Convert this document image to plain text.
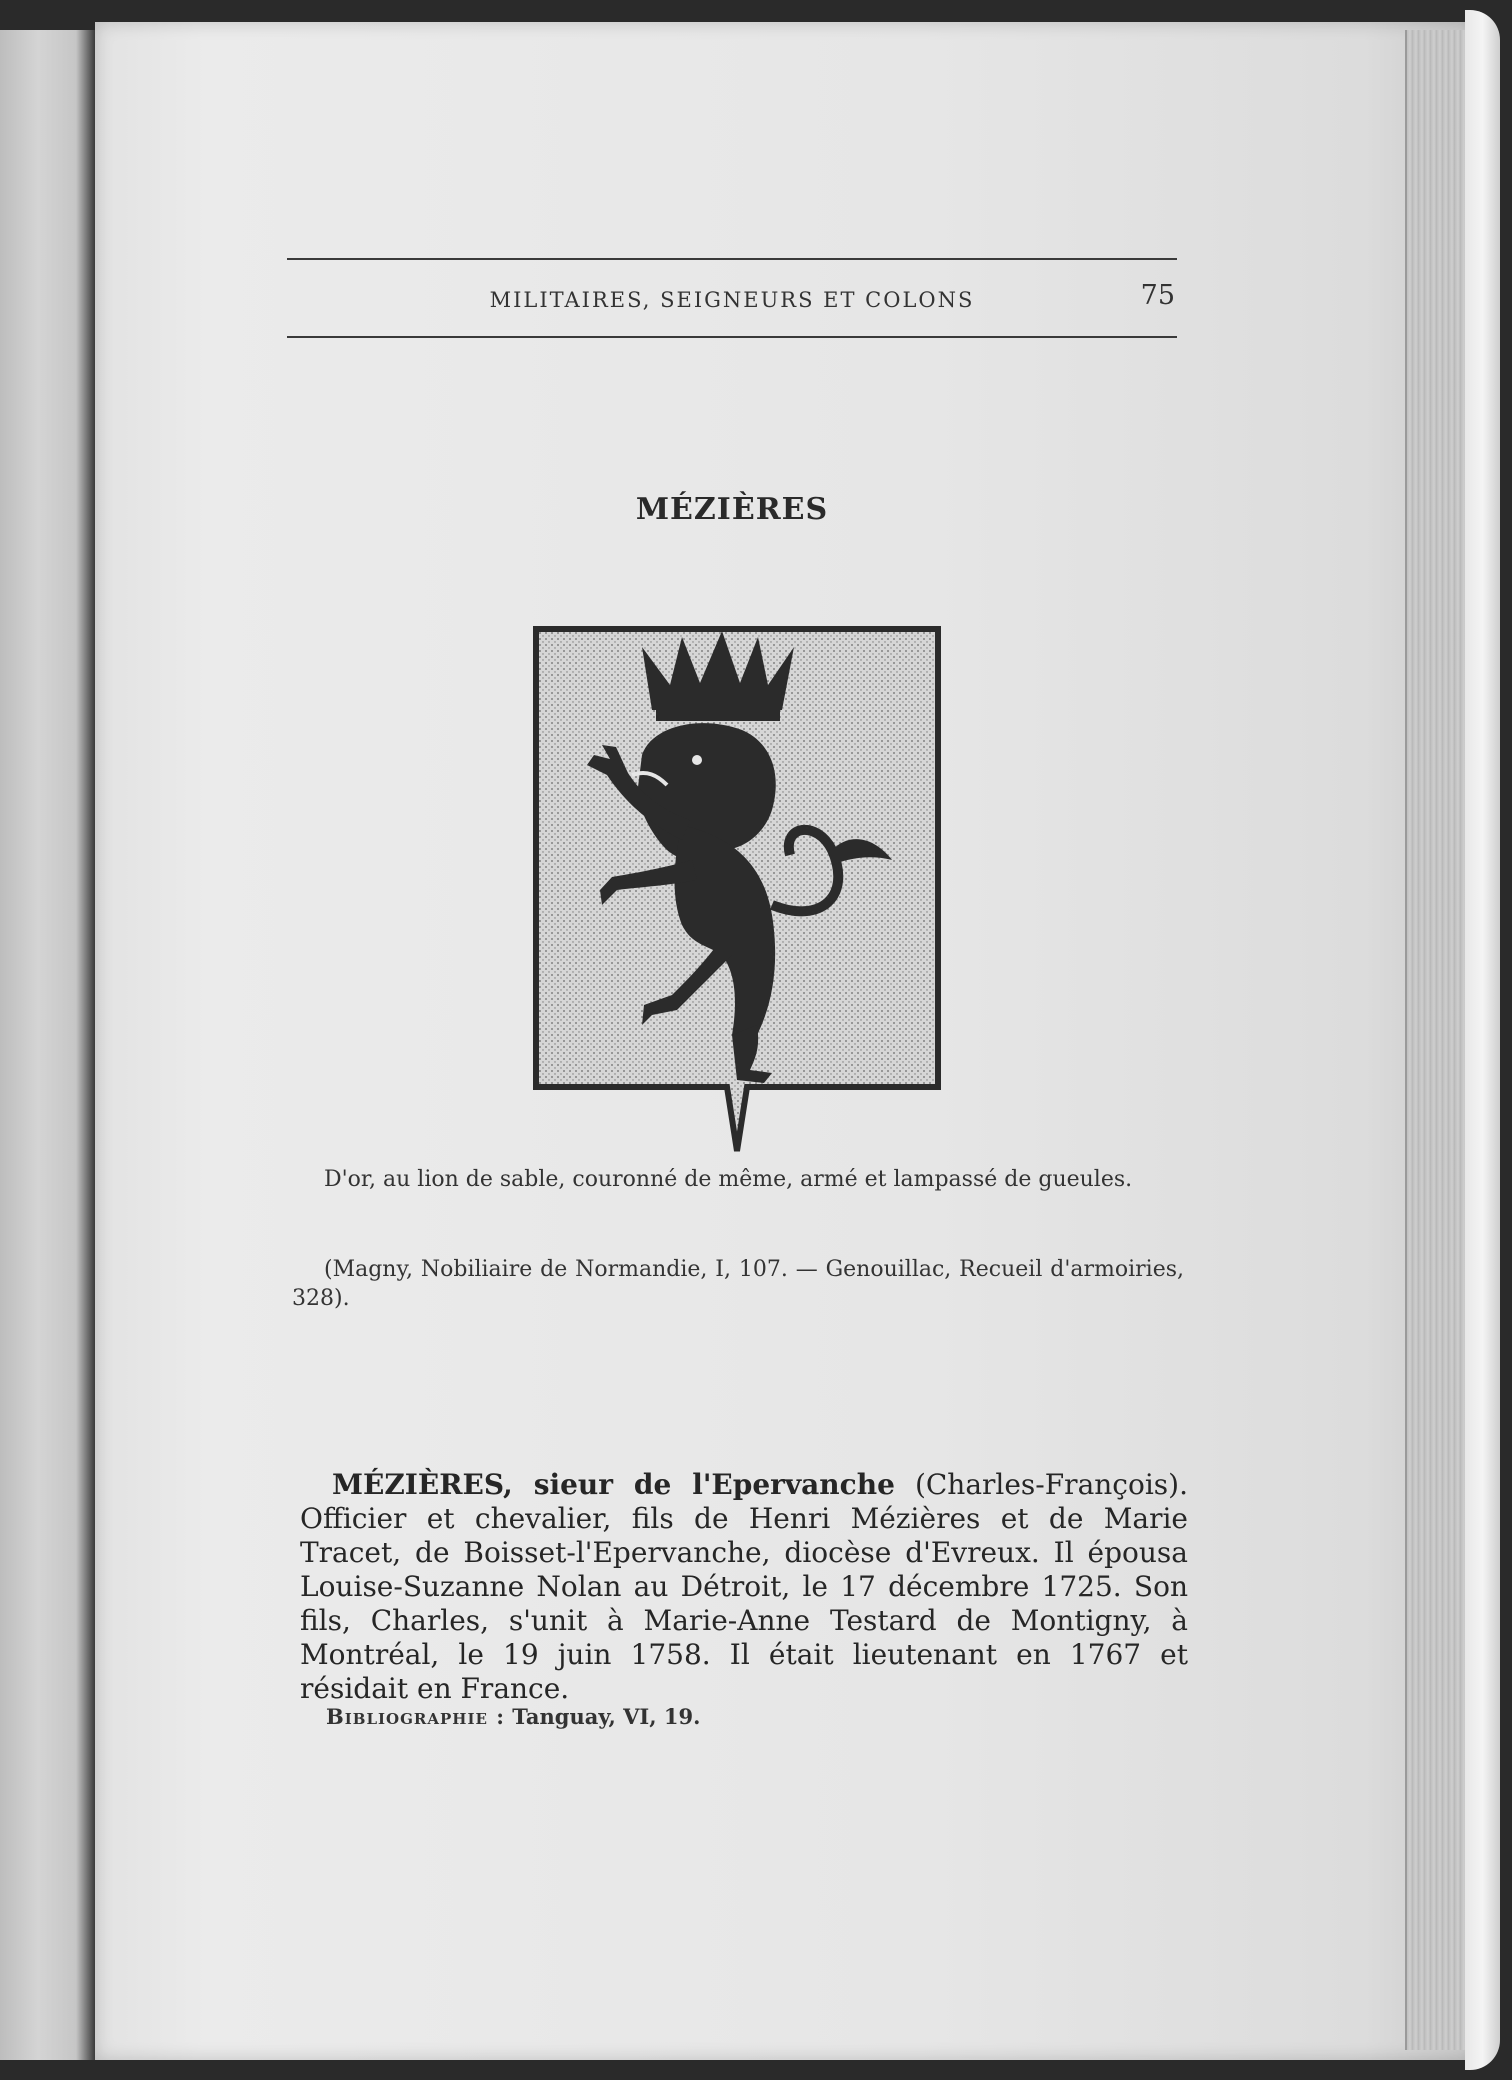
MILITAIRES, SEIGNEURS ET COLONS	75
MÉZIÈRES
D'or, au lion de sable, couronné de même, armé et lampassé de gueules.
(Magny, Nobiliaire de Normandie, I, 107. — Genouillac, Recueil d'armoiries, 328).
MÉZIÈRES, sieur de l'Epervanche (Charles-François). Officier et chevalier, fils de Henri Mézières et de Marie Tracet, de Boisset-l'Epervanche, diocèse d'Evreux. Il épousa Louise-Suzanne Nolan au Détroit, le 17 décembre 1725. Son fils, Charles, s'unit à Marie-Anne Testard de Montigny, à Montréal, le 19 juin 1758. Il était lieutenant en 1767 et résidait en France.
Bibliographie : Tanguay, VI, 19.
